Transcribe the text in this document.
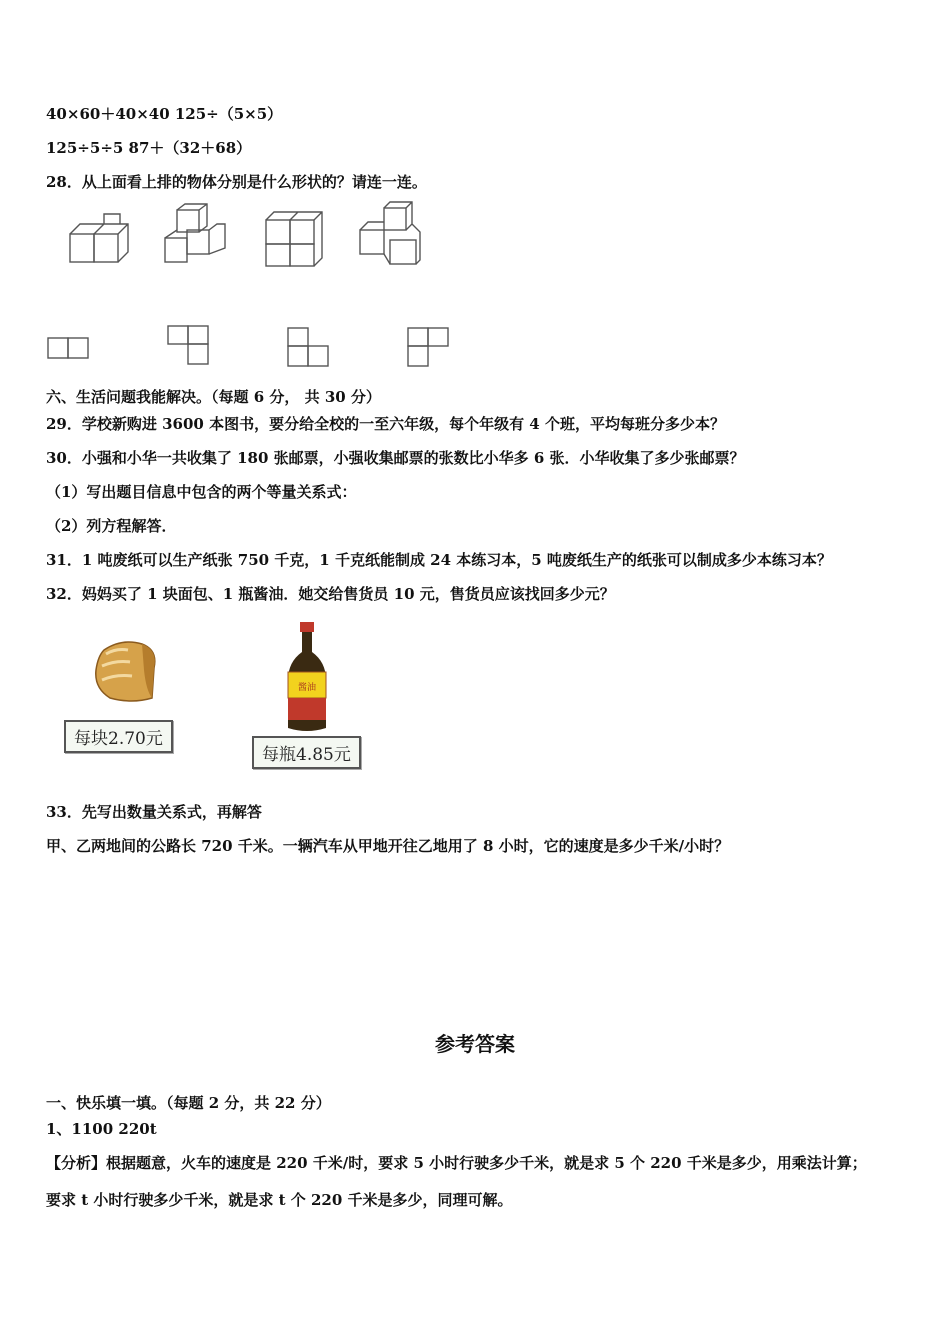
40×60＋40×40 125÷（5×5）
125÷5÷5 87＋（32＋68）
28．从上面看上排的物体分别是什么形状的？请连一连。
六、生活问题我能解决。（每题 6 分， 共 30 分）
29．学校新购进 3600 本图书，要分给全校的一至六年级，每个年级有 4 个班，平均每班分多少本？
30．小强和小华一共收集了 180 张邮票，小强收集邮票的张数比小华多 6 张．小华收集了多少张邮票？
（1）写出题目信息中包含的两个等量关系式：
（2）列方程解答．
31．1 吨废纸可以生产纸张 750 千克，1 千克纸能制成 24 本练习本，5 吨废纸生产的纸张可以制成多少本练习本？
32．妈妈买了 1 块面包、1 瓶酱油．她交给售货员 10 元，售货员应该找回多少元？
每块2.70元
酱油
每瓶4.85元
33．先写出数量关系式，再解答
甲、乙两地间的公路长 720 千米。一辆汽车从甲地开往乙地用了 8 小时，它的速度是多少千米/小时？
参考答案
一、快乐填一填。（每题 2 分，共 22 分）
1、1100 220t
【分析】根据题意，火车的速度是 220 千米/时，要求 5 小时行驶多少千米，就是求 5 个 220 千米是多少，用乘法计算；
要求 t 小时行驶多少千米，就是求 t 个 220 千米是多少，同理可解。
